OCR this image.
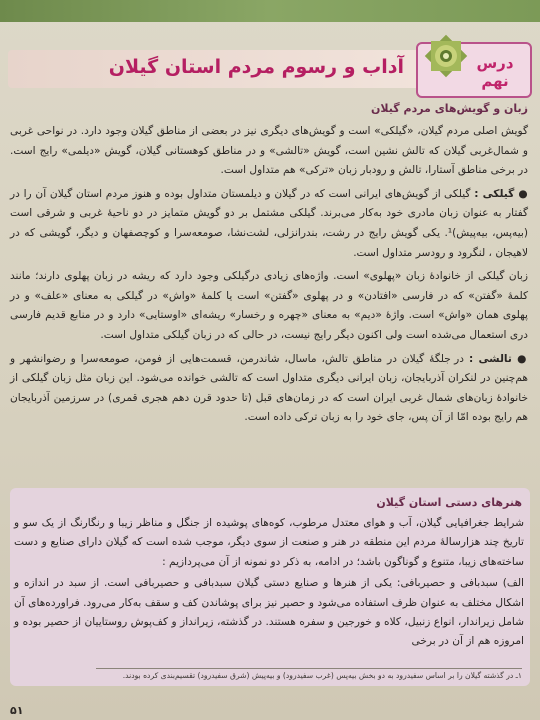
درس نهم
آداب و رسوم مردم استان گیلان
زبان و گویش‌های مردم گیلان

گویش اصلی مردم گیلان، «گیلکی» است و گویش‌های دیگری نیز در بعضی از مناطق گیلان وجود دارد. در نواحی غربی و شمال‌غربی گیلان که تالش نشین است، گویش «تالشی» و در مناطق کوهستانی گیلان، گویش «دیلمی» رایج است. در برخی مناطق آستارا، تالش و رودبار زبان «ترکی» هم متداول است.

● گیلکی : گیلکی از گویش‌های ایرانی است که در گیلان و دیلمستان متداول بوده و هنوز مردم استان گیلان آن را در گفتار به عنوان زبان مادری خود به‌کار می‌برند. گیلکی مشتمل بر دو گویش متمایز در دو ناحیهٔ غربی و شرقی است (بیه‌پس، بیه‌پیش)¹. یکی گویش رایج در رشت، بندرانزلی، لشت‌نشا، صومعه‌سرا و کوچصفهان و دیگر، گویشی که در لاهیجان ، لنگرود و رودسر متداول است.

زبان گیلکی از خانوادهٔ زبان «پهلوی» است. واژه‌های زیادی درگیلکی وجود دارد که ریشه در زبان پهلوی دارند؛ مانند کلمهٔ «گفتن» که در فارسی «افتادن» و در پهلوی «گفتن» است یا کلمهٔ «واش» در گیلکی به معنای «علف» و در پهلوی همان «واش» است. واژهٔ «دیم» به معنای «چهره و رخسار» ریشه‌ای «اوستایی» دارد و در منابع قدیم فارسی دری استعمال می‌شده است ولی اکنون دیگر رایج نیست، در حالی که در زبان گیلکی متداول است.

● تالشی : در جلگهٔ گیلان در مناطق تالش، ماسال، شاندرمن، قسمت‌هایی از فومن، صومعه‌سرا و رضوانشهر و هم‌چنین در لنکران آذربایجان، زبان ایرانی دیگری متداول است که تالشی خوانده می‌شود. این زبان مثل زبان گیلکی از خانوادهٔ زبان‌های شمال غربی ایران است که در زمان‌های قبل (تا حدود قرن دهم هجری قمری) در سرزمین آذربایجان هم رایج بوده امّا از آن پس، جای خود را به زبان ترکی داده است.

هنرهای دستی استان گیلان

شرایط جغرافیایی گیلان، آب و هوای معتدل مرطوب، کوه‌های پوشیده از جنگل و مناظر زیبا و رنگارنگ از یک سو و تاریخ چند هزارسالهٔ مردم این منطقه در هنر و صنعت از سوی دیگر، موجب شده است که گیلان دارای صنایع و دست ساخته‌های زیبا، متنوع و گوناگون باشد؛ در ادامه، به ذکر دو نمونه از آن می‌پردازیم :

الف) سبدبافی و حصیربافی: یکی از هنرها و صنایع دستی گیلان سبدبافی و حصیربافی است. از سبد در اندازه و اشکال مختلف به عنوان ظرف استفاده می‌شود و حصیر نیز برای پوشاندن کف و سقف به‌کار می‌رود. فراورده‌های آن شامل زیراندار، انواع زنبیل، کلاه و خورجین و سفره هستند. در گذشته، زیرانداز و کف‌پوش روستاییان از حصیر بوده و امروزه هم از آن در برخی

۱ـ در گذشته گیلان را بر اساس سفیدرود به دو بخش بیه‌پس (غرب سفیدرود) و بیه‌پیش (شرق سفیدرود) تقسیم‌بندی کرده بودند.
۵۱
